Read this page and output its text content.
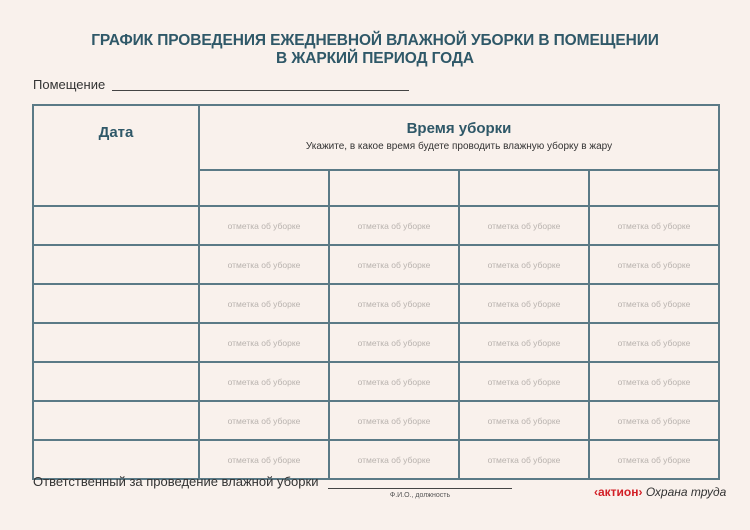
ГРАФИК ПРОВЕДЕНИЯ ЕЖЕДНЕВНОЙ ВЛАЖНОЙ УБОРКИ В ПОМЕЩЕНИИ
В ЖАРКИЙ ПЕРИОД ГОДА
Помещение
Дата	Время уборки
Укажите, в какое время будете проводить влажную уборку в жару			

	отметка об уборке	отметка об уборке	отметка об уборке	отметка об уборке
	отметка об уборке	отметка об уборке	отметка об уборке	отметка об уборке
	отметка об уборке	отметка об уборке	отметка об уборке	отметка об уборке
	отметка об уборке	отметка об уборке	отметка об уборке	отметка об уборке
	отметка об уборке	отметка об уборке	отметка об уборке	отметка об уборке
	отметка об уборке	отметка об уборке	отметка об уборке	отметка об уборке
	отметка об уборке	отметка об уборке	отметка об уборке	отметка об уборке
Ответственный за проведение влажной уборки
Ф.И.О., должность	‹актион› Охрана труда
